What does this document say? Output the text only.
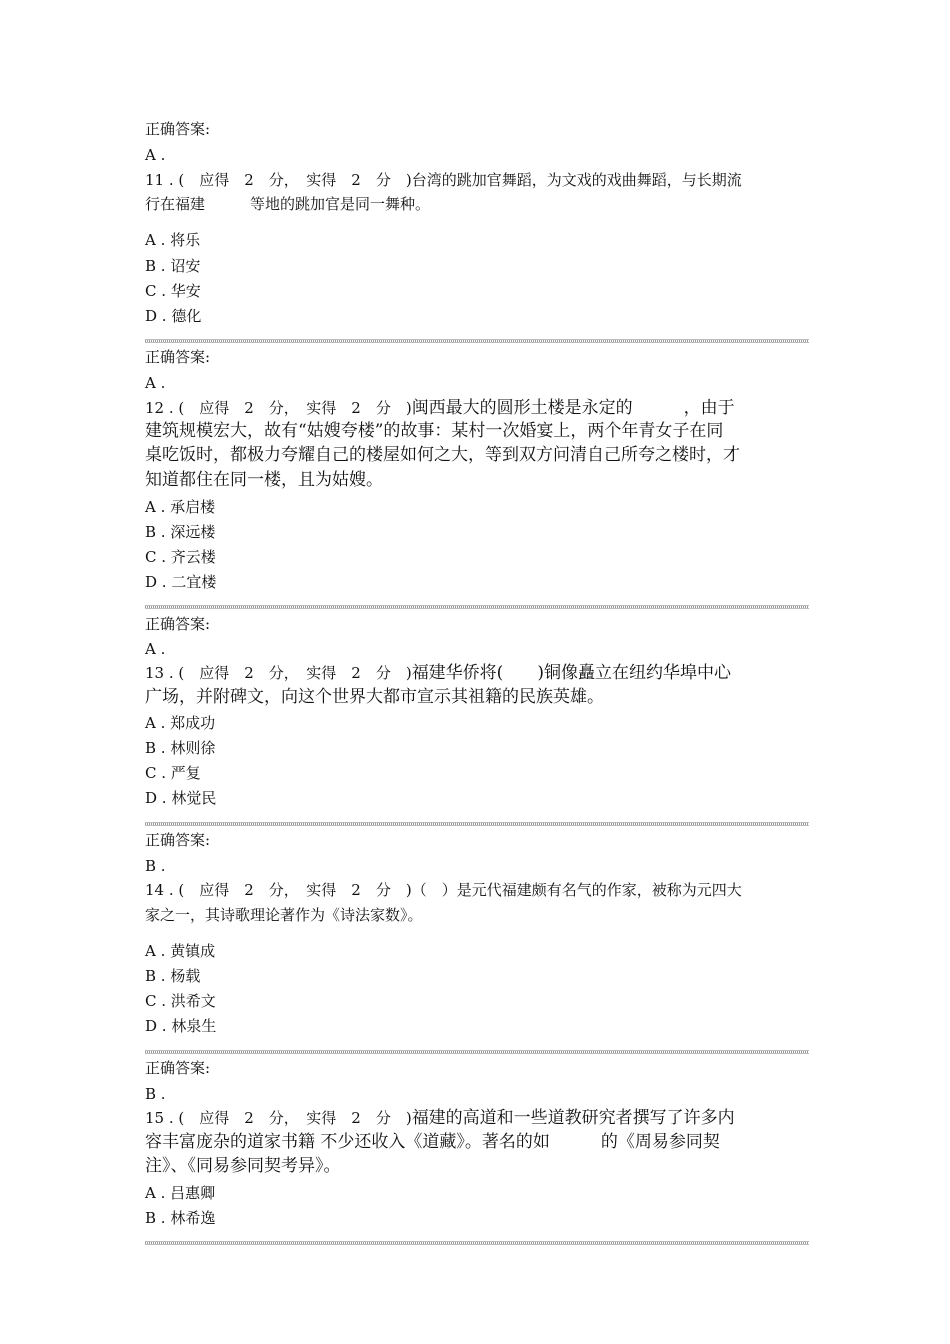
正确答案:
A .
11 . (　应得　2　分，　实得　2　分　)台湾的跳加官舞蹈，为文戏的戏曲舞蹈，与长期流
行在福建　　　等地的跳加官是同一舞种。
A . 将乐
B . 诏安
C . 华安
D . 德化
正确答案:
A .
12 . (　应得　2　分，　实得　2　分　)闽西最大的圆形土楼是永定的　　　，由于
建筑规模宏大，故有“姑嫂夸楼”的故事：某村一次婚宴上，两个年青女子在同
桌吃饭时，都极力夸耀自己的楼屋如何之大，等到双方问清自己所夸之楼时，才
知道都住在同一楼，且为姑嫂。
A . 承启楼
B . 深远楼
C . 齐云楼
D . 二宜楼
正确答案:
A .
13 . (　应得　2　分，　实得　2　分　)福建华侨将(　　)铜像矗立在纽约华埠中心
广场，并附碑文，向这个世界大都市宣示其祖籍的民族英雄。
A . 郑成功
B . 林则徐
C . 严复
D . 林觉民
正确答案:
B .
14 . (　应得　2　分，　实得　2　分　)（　）是元代福建颇有名气的作家，被称为元四大
家之一，其诗歌理论著作为《诗法家数》。
A . 黄镇成
B . 杨载
C . 洪希文
D . 林泉生
正确答案:
B .
15 . (　应得　2　分，　实得　2　分　)福建的高道和一些道教研究者撰写了许多内
容丰富庞杂的道家书籍 不少还收入《道藏》。著名的如　　　的《周易参同契
注》、《同易参同契考异》。
A . 吕惠卿
B . 林希逸
